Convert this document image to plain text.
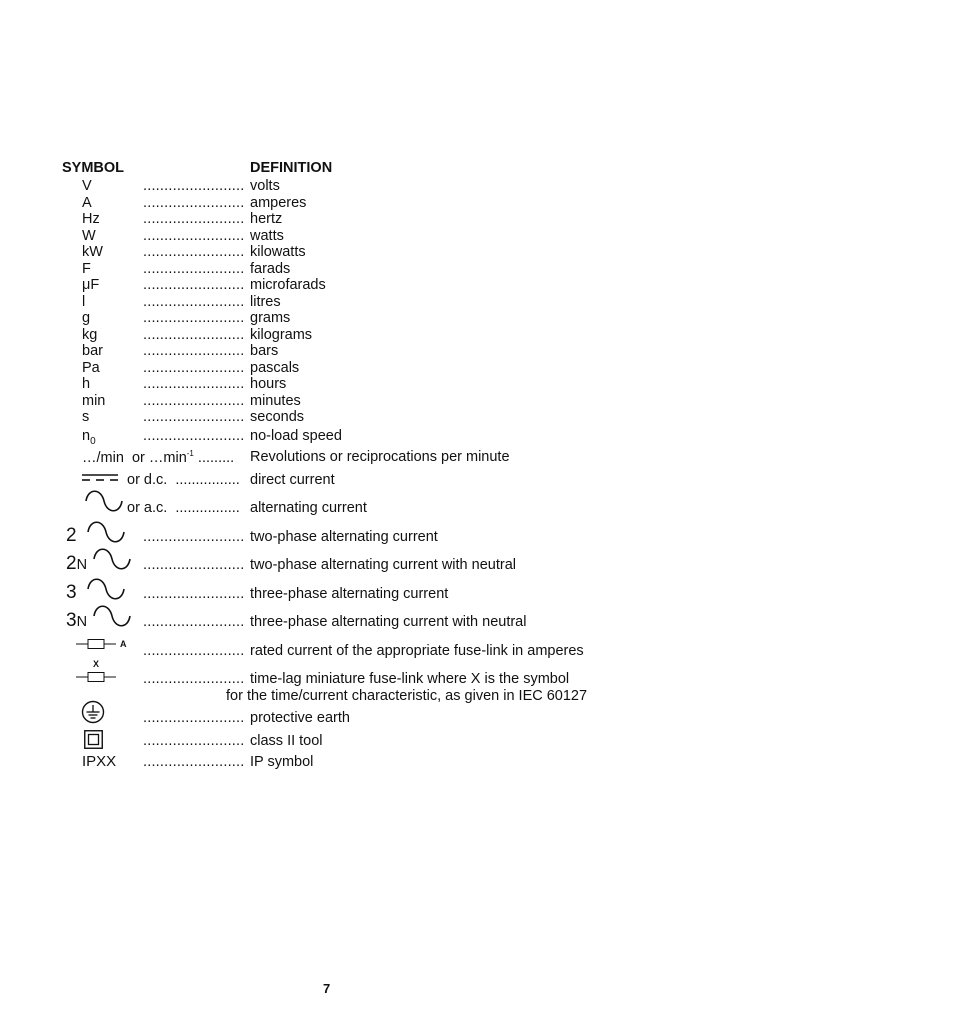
SYMBOL	DEFINITION
V	........................ volts
A	........................ amperes
Hz	........................ hertz
W	........................ watts
kW	........................ kilowatts
F	........................ farads
μF	........................ microfarads
l	........................ litres
g	........................ grams
kg	........................ kilograms
bar	........................ bars
Pa	........................ pascals
h	........................ hours
min	........................ minutes
s	........................ seconds
$n_0$	........................ no-load speed
…/min or $\dots\min^{-1}$ ......... Revolutions or reciprocations per minute
or d.c. ................ direct current
or a.c. ................ alternating current
2	........................ two-phase alternating current
2N	........................ two-phase alternating current with neutral
3	........................ three-phase alternating current
3N	........................ three-phase alternating current with neutral
A ........................ rated current of the appropriate fuse-link in amperes
X
........................ time-lag miniature fuse-link where X is the symbol
for the time/current characteristic, as given in IEC 60127
........................ protective earth
........................ class II tool
IPXX ........................ IP symbol
7
